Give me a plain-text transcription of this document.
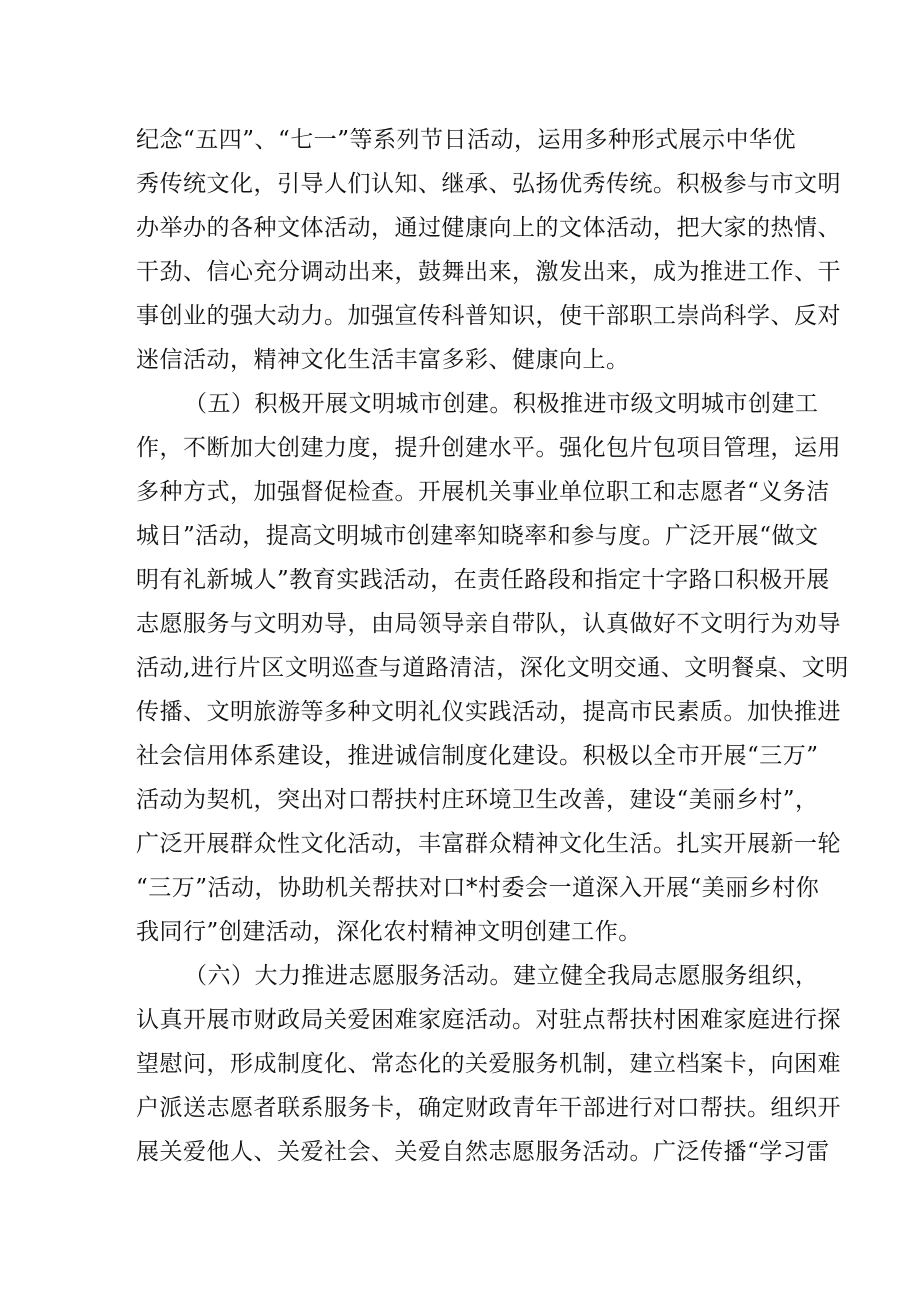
纪念“五四”、“七一”等系列节日活动，运用多种形式展示中华优
秀传统文化，引导人们认知、继承、弘扬优秀传统。积极参与市文明
办举办的各种文体活动，通过健康向上的文体活动，把大家的热情、
干劲、信心充分调动出来，鼓舞出来，激发出来，成为推进工作、干
事创业的强大动力。加强宣传科普知识，使干部职工崇尚科学、反对
迷信活动，精神文化生活丰富多彩、健康向上。
（五）积极开展文明城市创建。积极推进市级文明城市创建工
作，不断加大创建力度，提升创建水平。强化包片包项目管理，运用
多种方式，加强督促检查。开展机关事业单位职工和志愿者“义务洁
城日”活动，提高文明城市创建率知晓率和参与度。广泛开展“做文
明有礼新城人”教育实践活动，在责任路段和指定十字路口积极开展
志愿服务与文明劝导，由局领导亲自带队，认真做好不文明行为劝导
活动,进行片区文明巡查与道路清洁，深化文明交通、文明餐桌、文明
传播、文明旅游等多种文明礼仪实践活动，提高市民素质。加快推进
社会信用体系建设，推进诚信制度化建设。积极以全市开展“三万”
活动为契机，突出对口帮扶村庄环境卫生改善，建设“美丽乡村”，
广泛开展群众性文化活动，丰富群众精神文化生活。扎实开展新一轮
“三万”活动，协助机关帮扶对口*村委会一道深入开展“美丽乡村你
我同行”创建活动，深化农村精神文明创建工作。
（六）大力推进志愿服务活动。建立健全我局志愿服务组织，
认真开展市财政局关爱困难家庭活动。对驻点帮扶村困难家庭进行探
望慰问，形成制度化、常态化的关爱服务机制，建立档案卡，向困难
户派送志愿者联系服务卡，确定财政青年干部进行对口帮扶。组织开
展关爱他人、关爱社会、关爱自然志愿服务活动。广泛传播“学习雷
